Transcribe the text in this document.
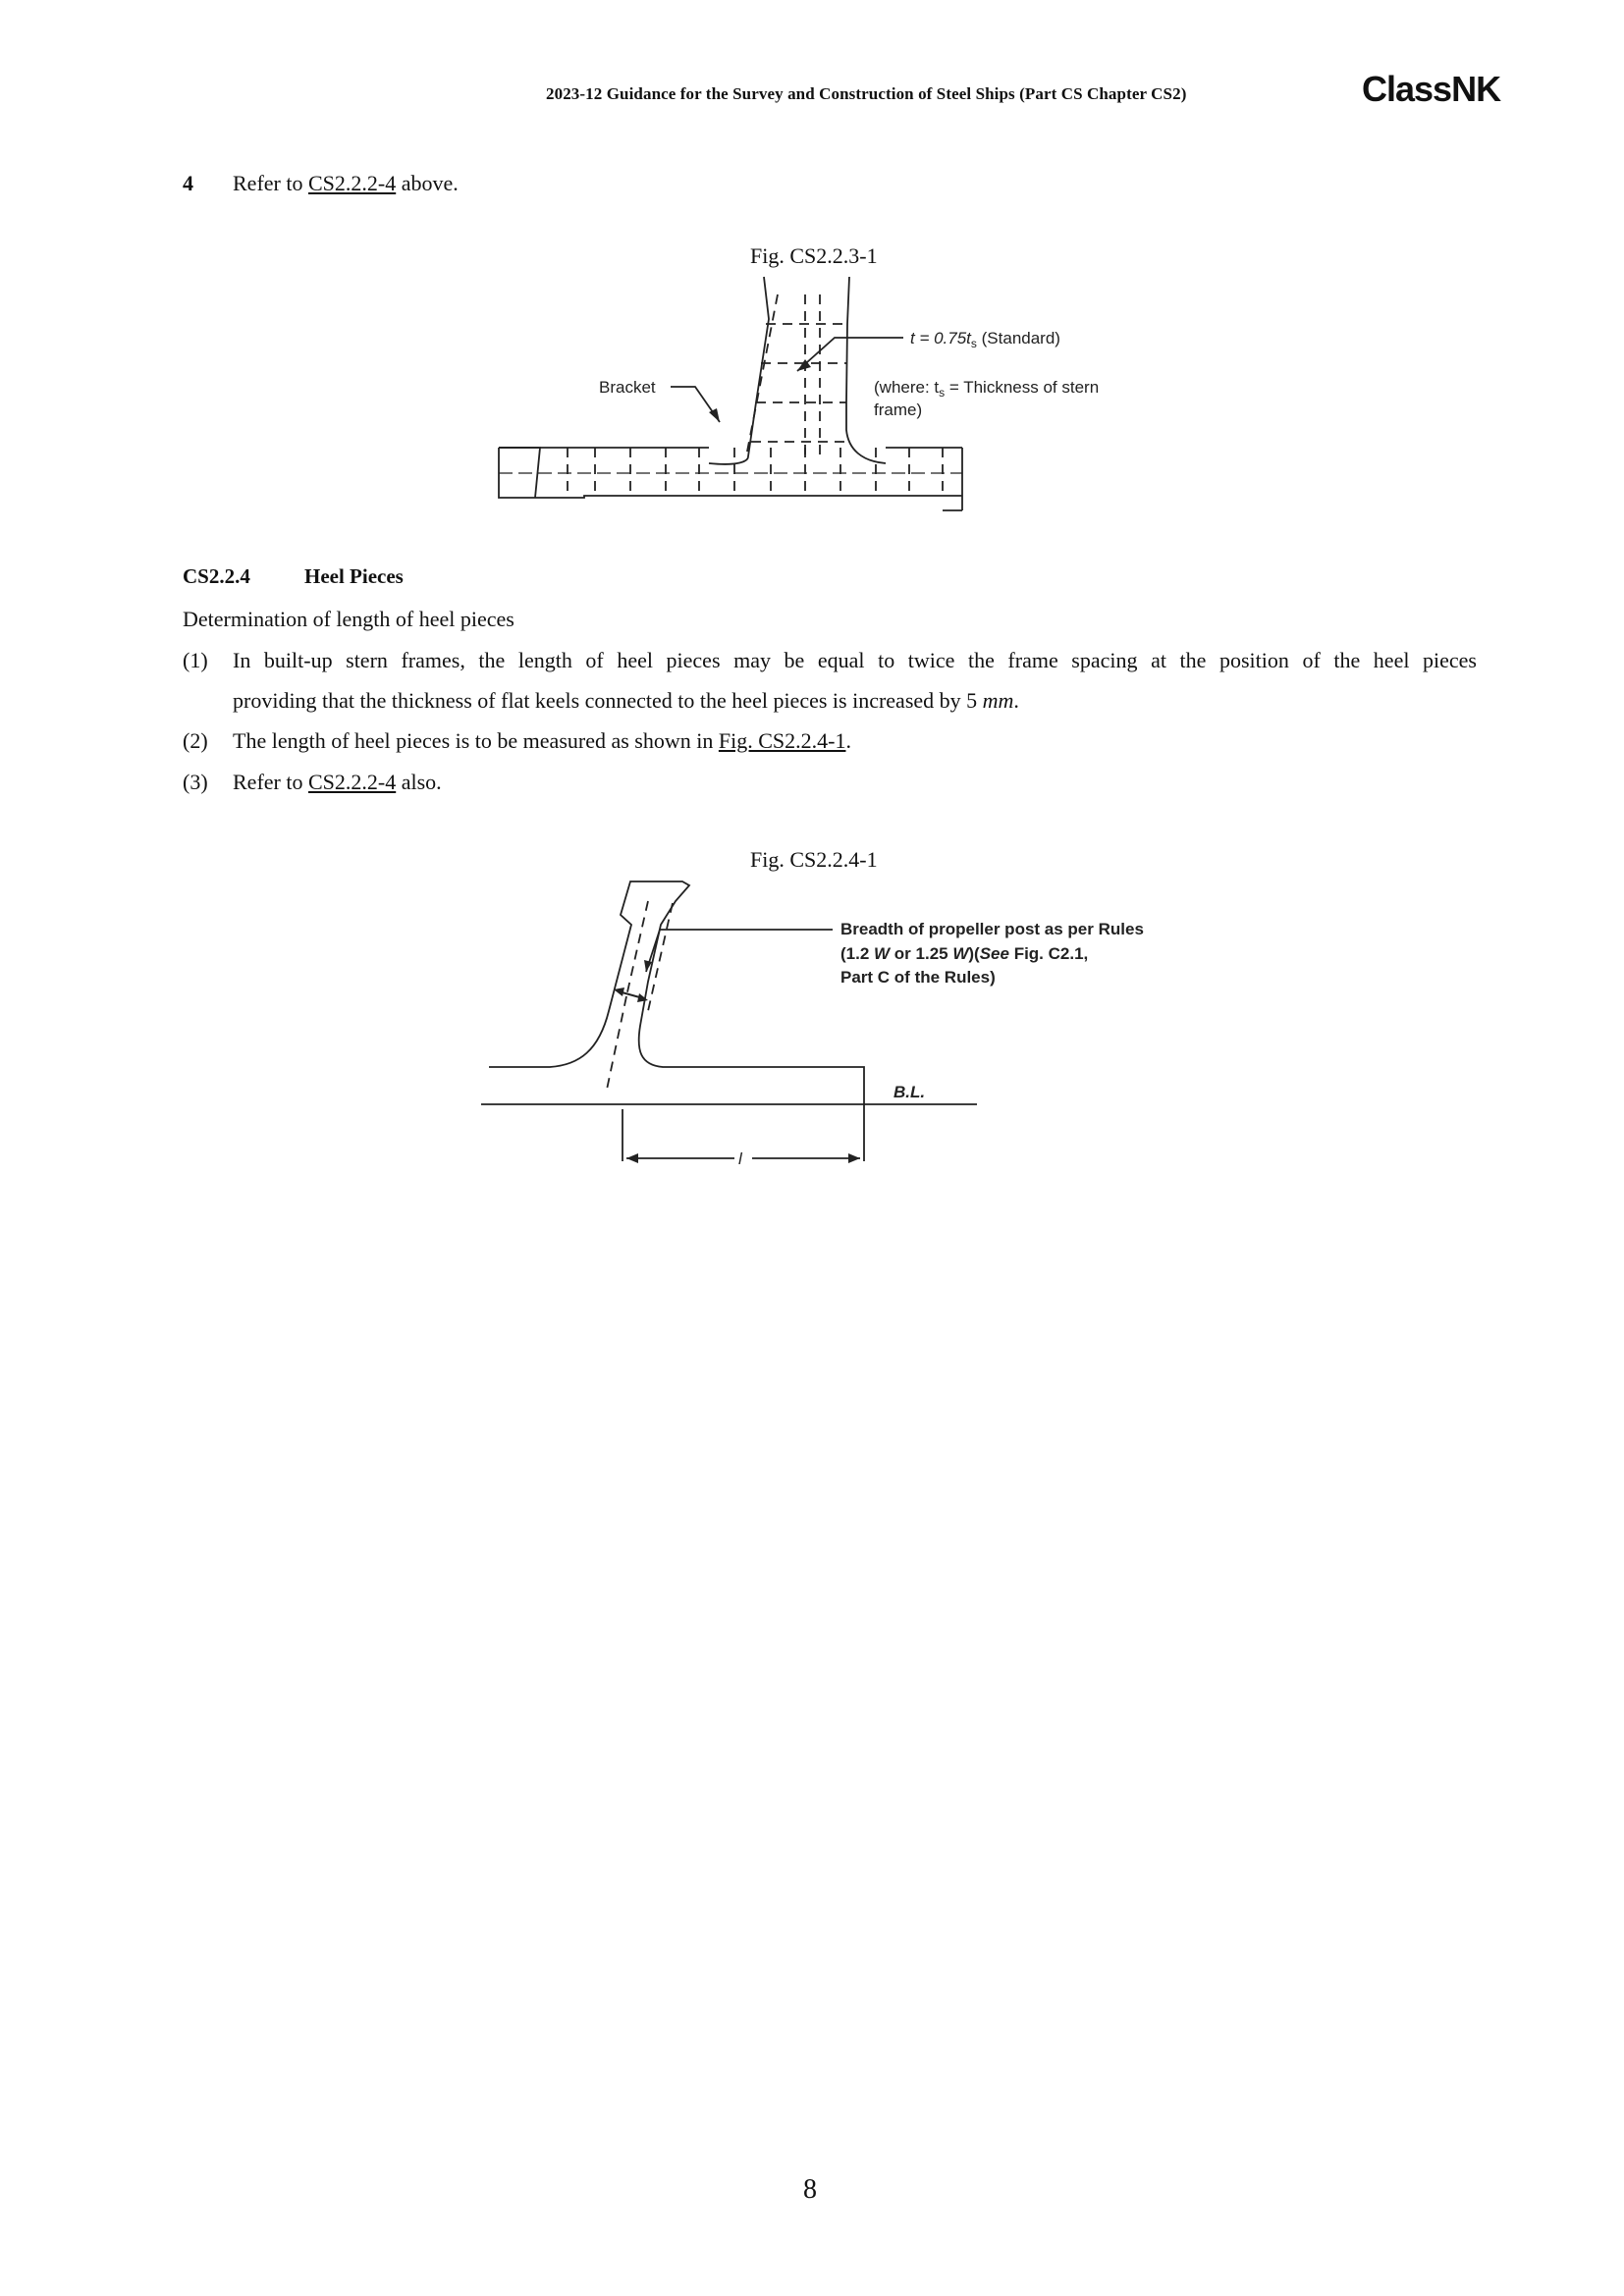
2023-12 Guidance for the Survey and Construction of Steel Ships (Part CS Chapter CS2)	ClassNK
4 Refer to CS2.2.2-4 above.
Fig. CS2.2.3-1
Bracket
$t = 0.75t_s$ (Standard)
(where: $t_s$ = Thickness of stern
frame)
CS2.2.4	Heel Pieces
Determination of length of heel pieces
(1) In built-up stern frames, the length of heel pieces may be equal to twice the frame spacing at the position of the heel pieces
providing that the thickness of flat keels connected to the heel pieces is increased by 5 mm.
(2) The length of heel pieces is to be measured as shown in Fig. CS2.2.4-1.
(3) Refer to CS2.2.2-4 also.
Fig. CS2.2.4-1
Breadth of propeller post as per Rules
(1.2 W or 1.25 W)(See Fig. C2.1,
Part C of the Rules)
B.L.
l
8
